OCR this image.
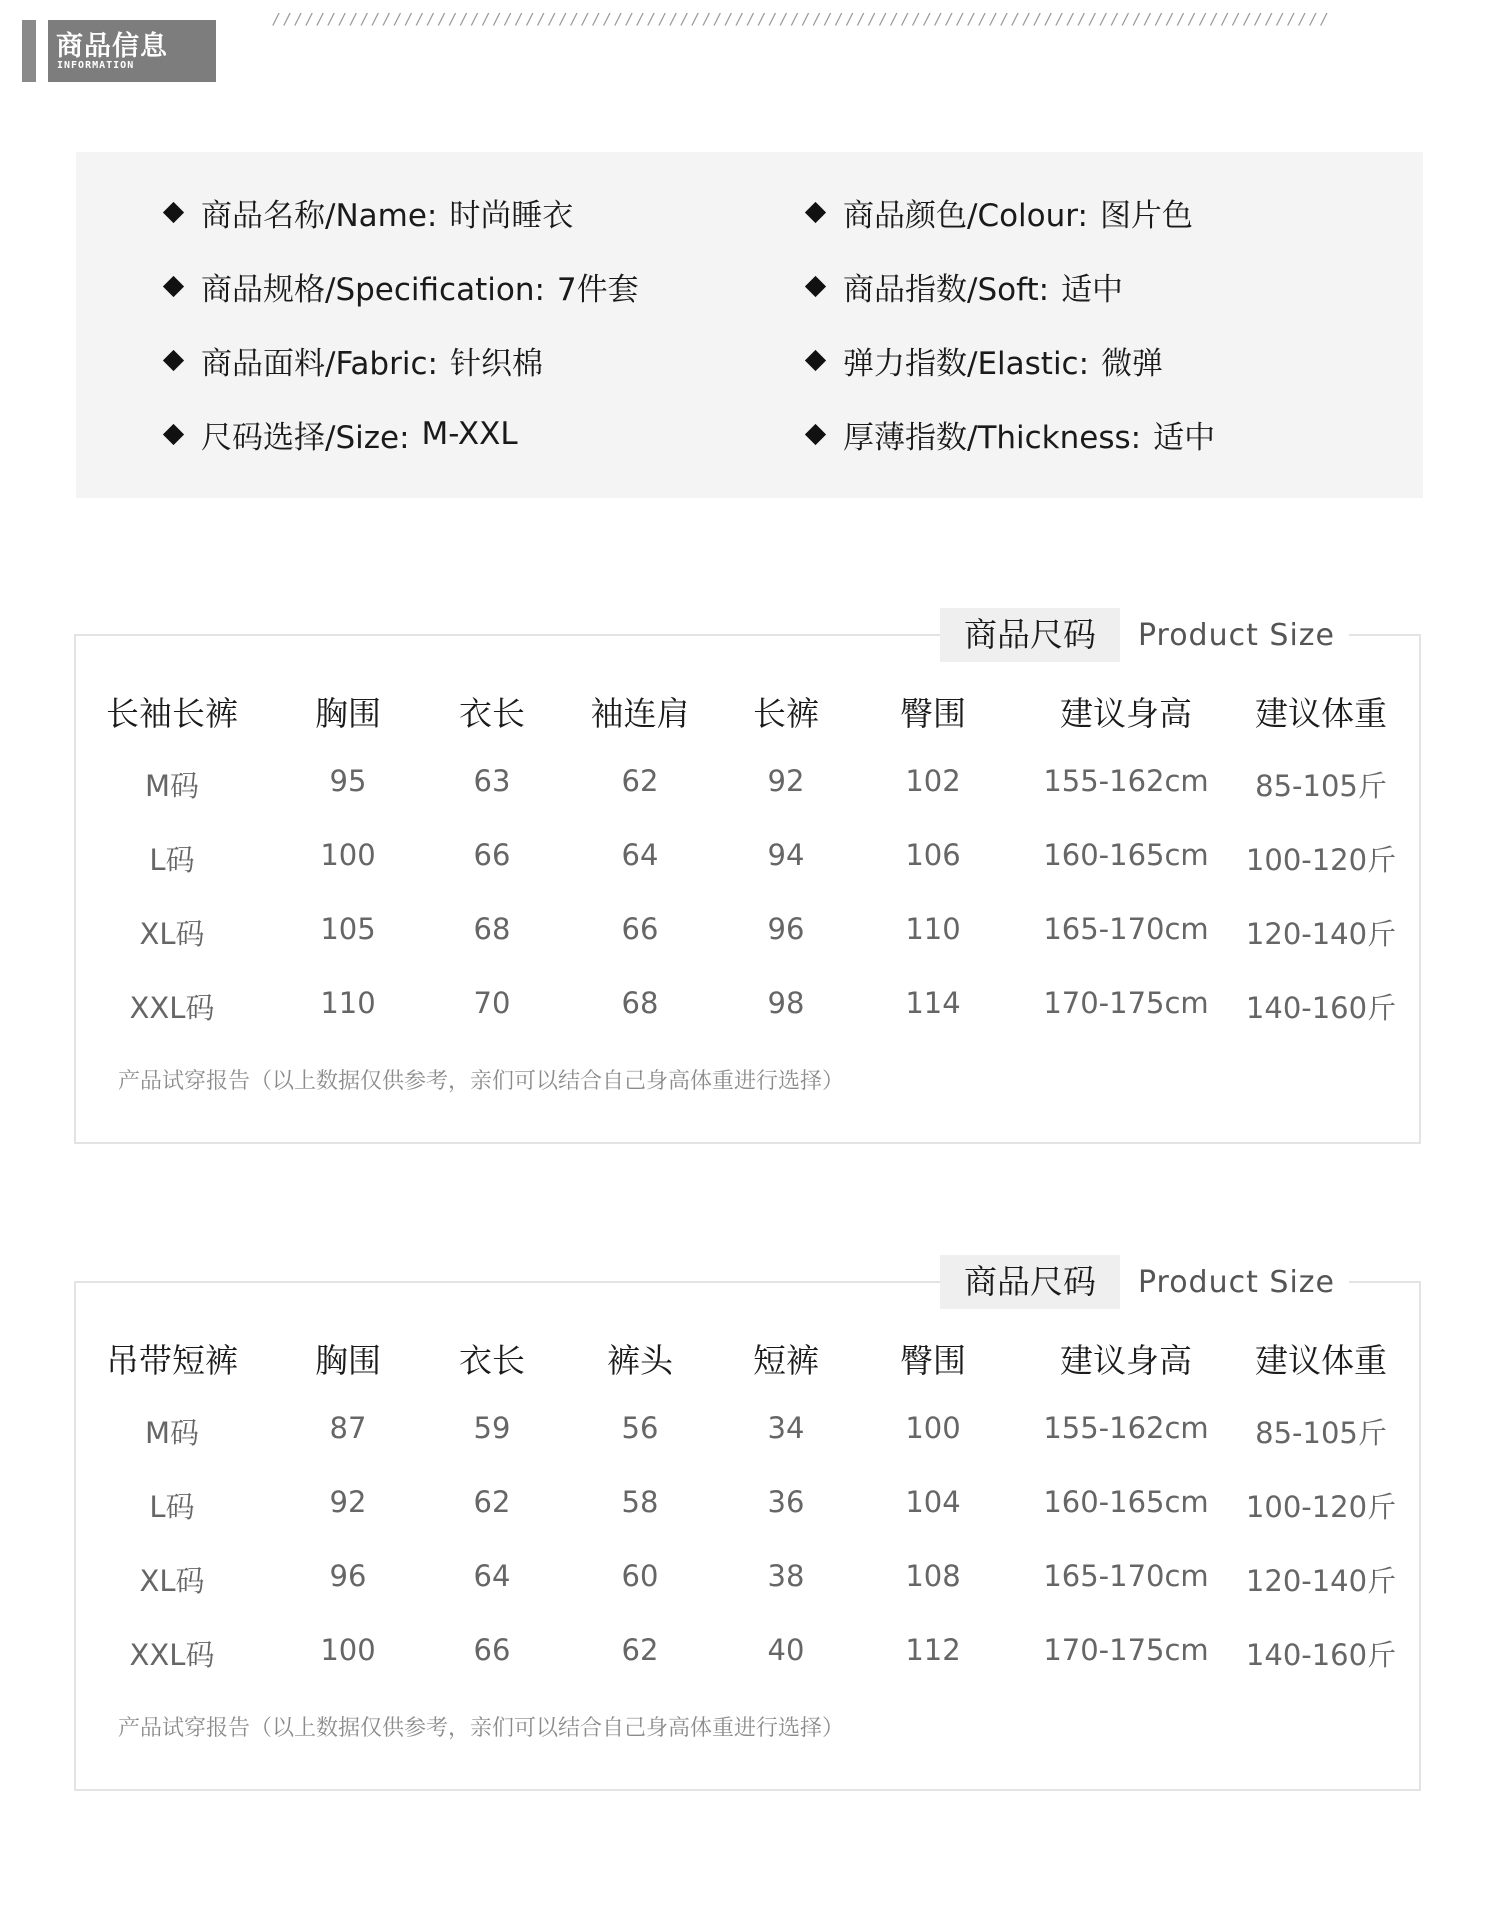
商品信息
INFORMATION
////////////////////////////////////////////////////////////////////////////////////////////////
商品名称/Name: 时尚睡衣
商品规格/Specification: 7件套
商品面料/Fabric: 针织棉
尺码选择/Size: M-XXL
商品颜色/Colour: 图片色
商品指数/Soft: 适中
弹力指数/Elastic: 微弹
厚薄指数/Thickness: 适中
商品尺码	Product Size
产品试穿报告（以上数据仅供参考，亲们可以结合自己身高体重进行选择）
长袖长裤 胸围 衣长 袖连肩 长裤 臀围	建议身高 建议体重
M码	95	63	62	92	102	155-162cm 85-105斤
L码	100	66	64	94	106	160-165cm 100-120斤
XL码	105	68	66	96	110	165-170cm 120-140斤
XXL码	110	70	68	98	114	170-175cm 140-160斤
商品尺码	Product Size
产品试穿报告（以上数据仅供参考，亲们可以结合自己身高体重进行选择）
吊带短裤 胸围 衣长 裤头 短裤 臀围	建议身高 建议体重
M码	87	59	56	34	100	155-162cm 85-105斤
L码	92	62	58	36	104	160-165cm 100-120斤
XL码	96	64	60	38	108	165-170cm 120-140斤
XXL码	100	66	62	40	112	170-175cm 140-160斤
